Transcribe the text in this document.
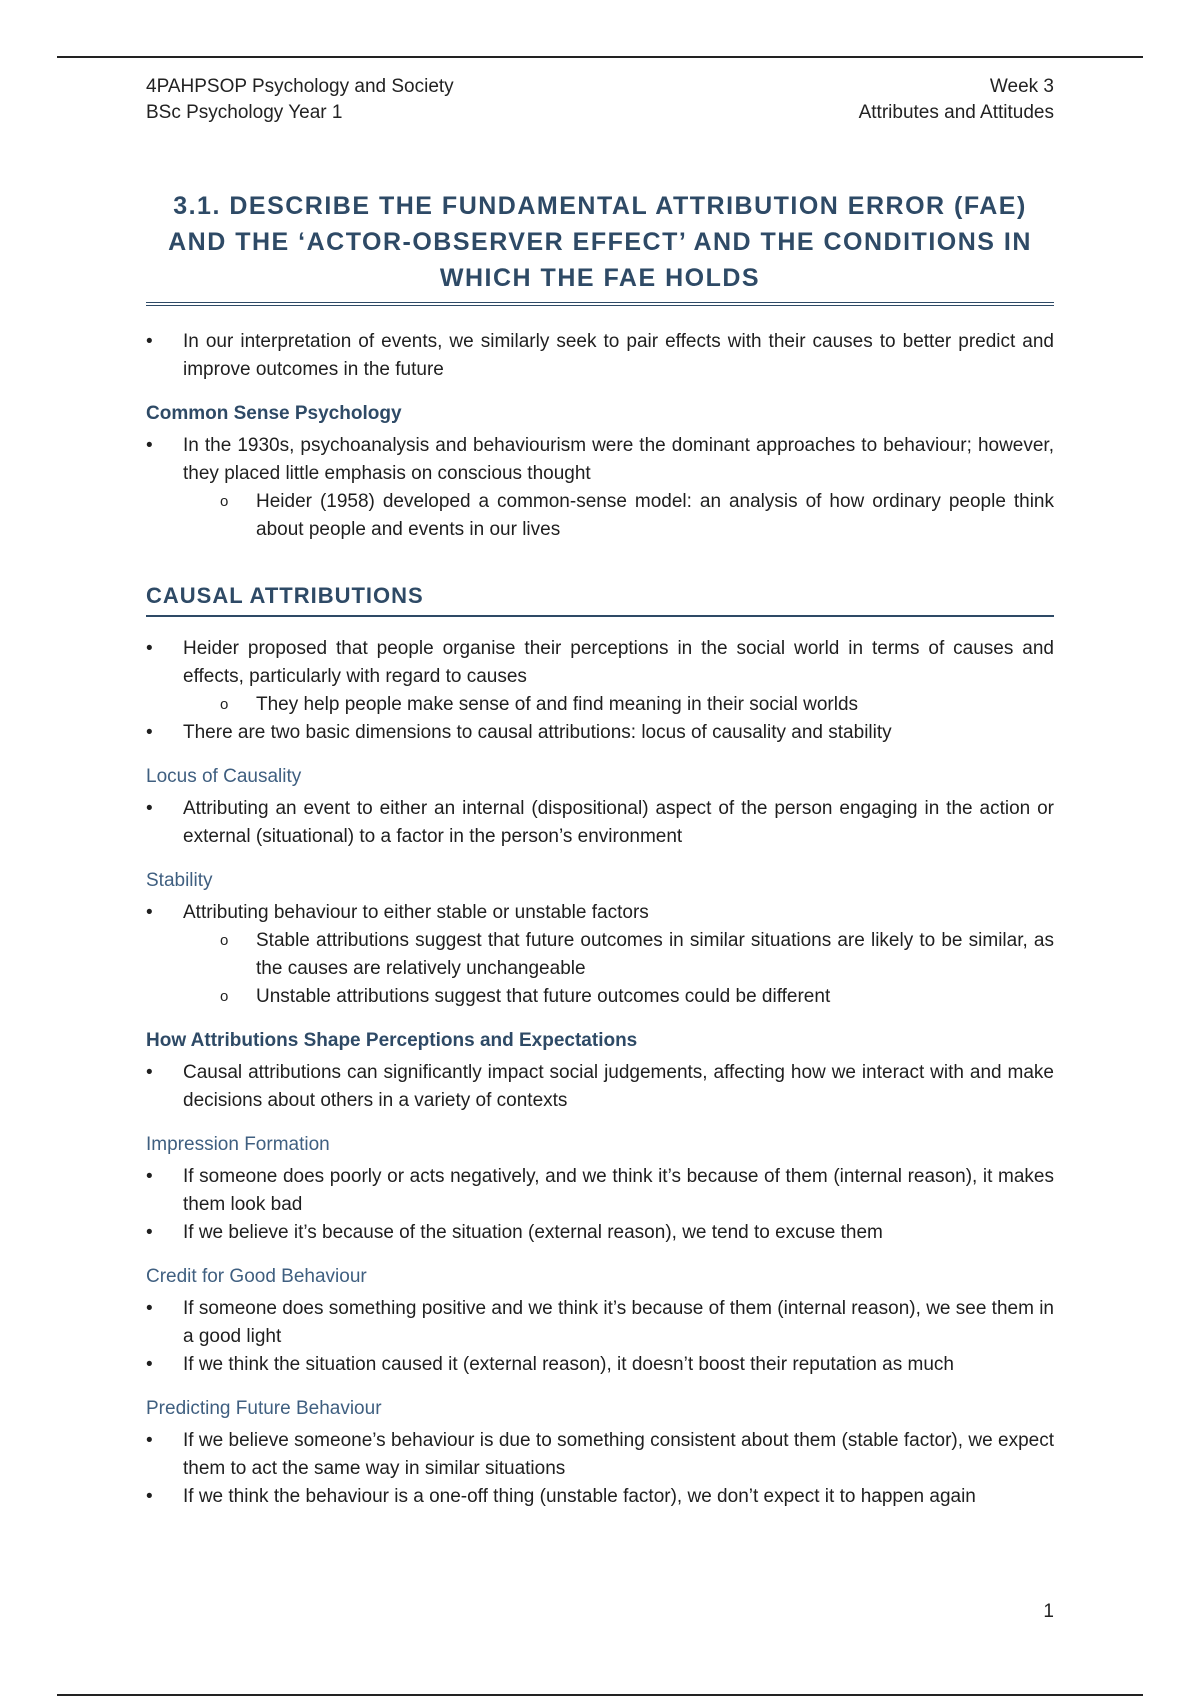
4PAHPSOP Psychology and Society
BSc Psychology Year 1
Week 3
Attributes and Attitudes
3.1. DESCRIBE THE FUNDAMENTAL ATTRIBUTION ERROR (FAE)
AND THE ‘ACTOR-OBSERVER EFFECT’ AND THE CONDITIONS IN
WHICH THE FAE HOLDS
• In our interpretation of events, we similarly seek to pair effects with their causes to better predict and improve outcomes in the future
Common Sense Psychology
• In the 1930s, psychoanalysis and behaviourism were the dominant approaches to behaviour; however, they placed little emphasis on conscious thought
o Heider (1958) developed a common-sense model: an analysis of how ordinary people think about people and events in our lives
CAUSAL ATTRIBUTIONS
• Heider proposed that people organise their perceptions in the social world in terms of causes and effects, particularly with regard to causes
o They help people make sense of and find meaning in their social worlds
• There are two basic dimensions to causal attributions: locus of causality and stability
Locus of Causality
• Attributing an event to either an internal (dispositional) aspect of the person engaging in the action or external (situational) to a factor in the person’s environment
Stability
• Attributing behaviour to either stable or unstable factors
o Stable attributions suggest that future outcomes in similar situations are likely to be similar, as the causes are relatively unchangeable
o Unstable attributions suggest that future outcomes could be different
How Attributions Shape Perceptions and Expectations
• Causal attributions can significantly impact social judgements, affecting how we interact with and make decisions about others in a variety of contexts
Impression Formation
• If someone does poorly or acts negatively, and we think it’s because of them (internal reason), it makes them look bad
• If we believe it’s because of the situation (external reason), we tend to excuse them
Credit for Good Behaviour
• If someone does something positive and we think it’s because of them (internal reason), we see them in a good light
• If we think the situation caused it (external reason), it doesn’t boost their reputation as much
Predicting Future Behaviour
• If we believe someone’s behaviour is due to something consistent about them (stable factor), we expect them to act the same way in similar situations
• If we think the behaviour is a one-off thing (unstable factor), we don’t expect it to happen again
1
